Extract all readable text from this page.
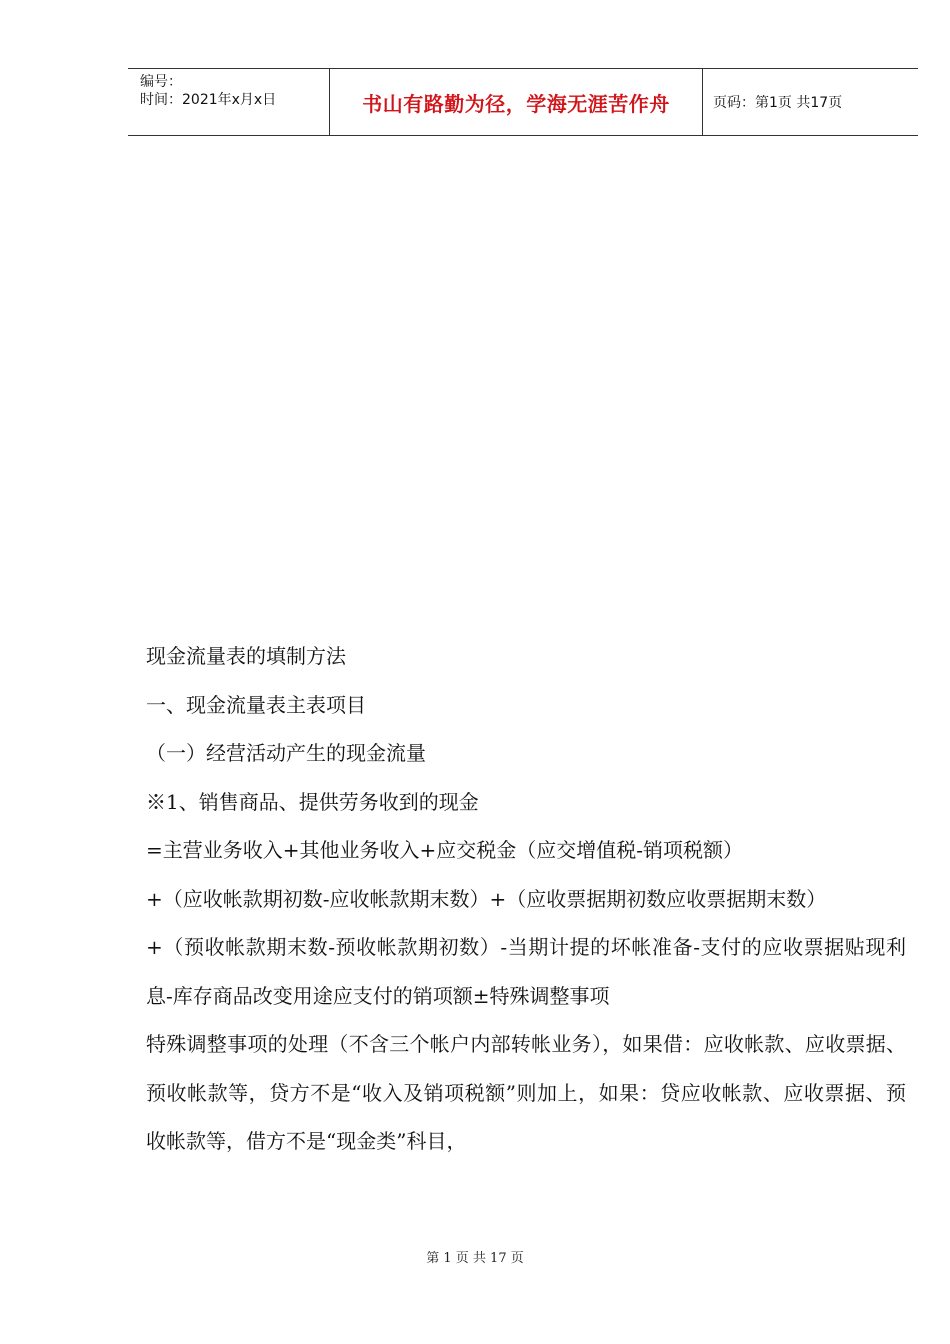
编号：
时间：2021年x月x日	书山有路勤为径，学海无涯苦作舟	页码：第1页 共17页

现金流量表的填制方法

一、现金流量表主表项目

（一）经营活动产生的现金流量

※1、销售商品、提供劳务收到的现金

=主营业务收入+其他业务收入+应交税金（应交增值税-销项税额）

+（应收帐款期初数-应收帐款期末数）+（应收票据期初数应收票据期末数）

+（预收帐款期末数-预收帐款期初数）-当期计提的坏帐准备-支付的应收票据贴现利息-库存商品改变用途应支付的销项额±特殊调整事项

特殊调整事项的处理（不含三个帐户内部转帐业务），如果借：应收帐款、应收票据、预收帐款等，贷方不是“收入及销项税额”则加上，如果：贷应收帐款、应收票据、预收帐款等，借方不是“现金类”科目，

第 1 页 共 17 页
